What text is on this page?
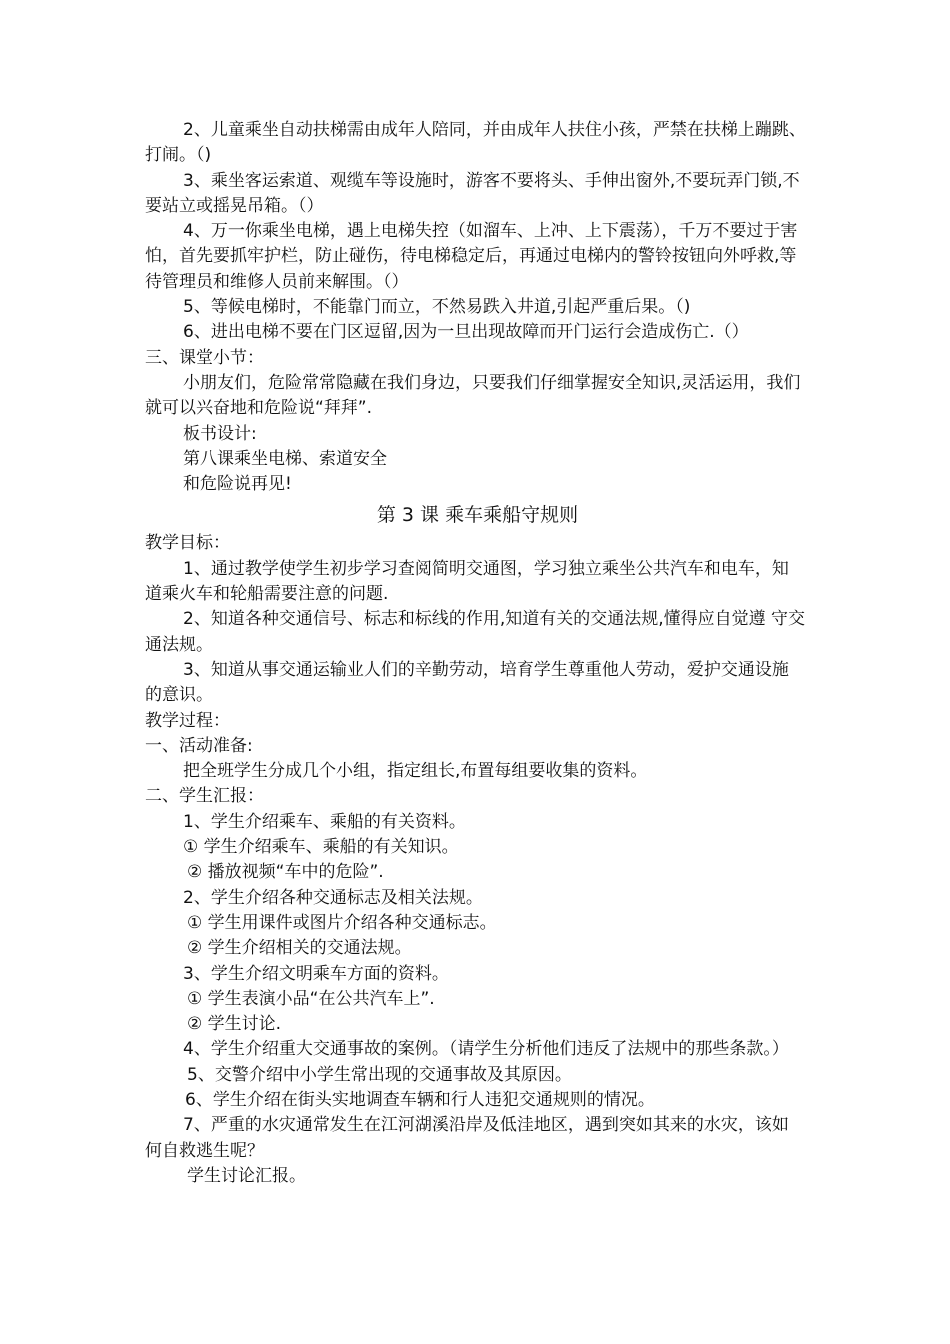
2、儿童乘坐自动扶梯需由成年人陪同，并由成年人扶住小孩，严禁在扶梯上蹦跳、打闹。（)

3、乘坐客运索道、观缆车等设施时，游客不要将头、手伸出窗外,不要玩弄门锁,不要站立或摇晃吊箱。（）

4、万一你乘坐电梯，遇上电梯失控（如溜车、上冲、上下震荡），千万不要过于害怕，首先要抓牢护栏，防止碰伤，待电梯稳定后，再通过电梯内的警铃按钮向外呼救,等待管理员和维修人员前来解围。（）

5、等候电梯时，不能靠门而立，不然易跌入井道,引起严重后果。（)

6、进出电梯不要在门区逗留,因为一旦出现故障而开门运行会造成伤亡.（）

三、课堂小节：

小朋友们，危险常常隐藏在我们身边，只要我们仔细掌握安全知识,灵活运用，我们就可以兴奋地和危险说“拜拜”.

板书设计:

第八课乘坐电梯、索道安全

和危险说再见!

第 3 课 乘车乘船守规则

教学目标：

1、通过教学使学生初步学习查阅简明交通图，学习独立乘坐公共汽车和电车，知 道乘火车和轮船需要注意的问题.

2、知道各种交通信号、标志和标线的作用,知道有关的交通法规,懂得应自觉遵 守交通法规。

3、知道从事交通运输业人们的辛勤劳动，培育学生尊重他人劳动，爱护交通设施 的意识。

教学过程：

一、活动准备:

把全班学生分成几个小组，指定组长,布置每组要收集的资料。

二、学生汇报：

1、学生介绍乘车、乘船的有关资料。

① 学生介绍乘车、乘船的有关知识。

② 播放视频“车中的危险”.

2、学生介绍各种交通标志及相关法规。

① 学生用课件或图片介绍各种交通标志。

② 学生介绍相关的交通法规。

3、学生介绍文明乘车方面的资料。

① 学生表演小品“在公共汽车上”.

② 学生讨论.

4、学生介绍重大交通事故的案例。（请学生分析他们违反了法规中的那些条款。）

5、交警介绍中小学生常出现的交通事故及其原因。

6、学生介绍在街头实地调查车辆和行人违犯交通规则的情况。

7、严重的水灾通常发生在江河湖溪沿岸及低洼地区，遇到突如其来的水灾，该如 何自救逃生呢？

学生讨论汇报。
